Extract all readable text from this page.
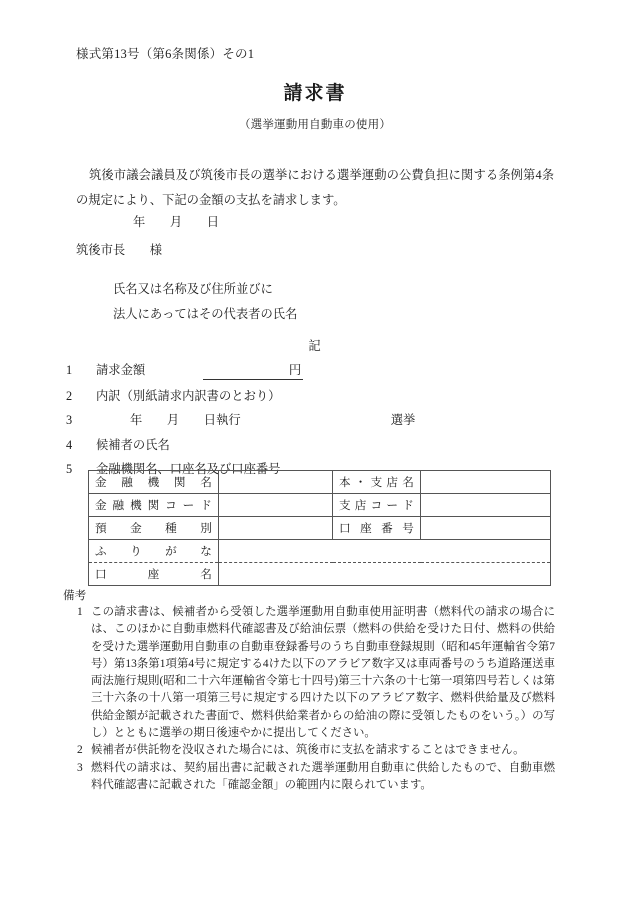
様式第13号（第6条関係）その1
請求書
（選挙運動用自動車の使用）
筑後市議会議員及び筑後市長の選挙における選挙運動の公費負担に関する条例第4条の規定により、下記の金額の支払を請求します。
年　　月　　日
筑後市長　　様
氏名又は名称及び住所並びに
法人にあってはその代表者の氏名
記
1 請求金額	円
2 内訳（別紙請求内訳書のとおり）
3	年　　月　　日執行	選挙
4 候補者の氏名
5 金融機関名、口座名及び口座番号
金融機関名		本・支店名	
金融機関コード		支店コード	
預金種別		口座番号	
ふりがな			
口座名			
備考
1 この請求書は、候補者から受領した選挙運動用自動車使用証明書（燃料代の請求の場合には、このほかに自動車燃料代確認書及び給油伝票（燃料の供給を受けた日付、燃料の供給を受けた選挙運動用自動車の自動車登録番号のうち自動車登録規則（昭和45年運輸省令第7号）第13条第1項第4号に規定する4けた以下のアラビア数字又は車両番号のうち道路運送車両法施行規則(昭和二十六年運輸省令第七十四号)第三十六条の十七第一項第四号若しくは第三十六条の十八第一項第三号に規定する四けた以下のアラビア数字、燃料供給量及び燃料供給金額が記載された書面で、燃料供給業者からの給油の際に受領したものをいう。）の写し）とともに選挙の期日後速やかに提出してください。
2 候補者が供託物を没収された場合には、筑後市に支払を請求することはできません。
3 燃料代の請求は、契約届出書に記載された選挙運動用自動車に供給したもので、自動車燃料代確認書に記載された「確認金額」の範囲内に限られています。
